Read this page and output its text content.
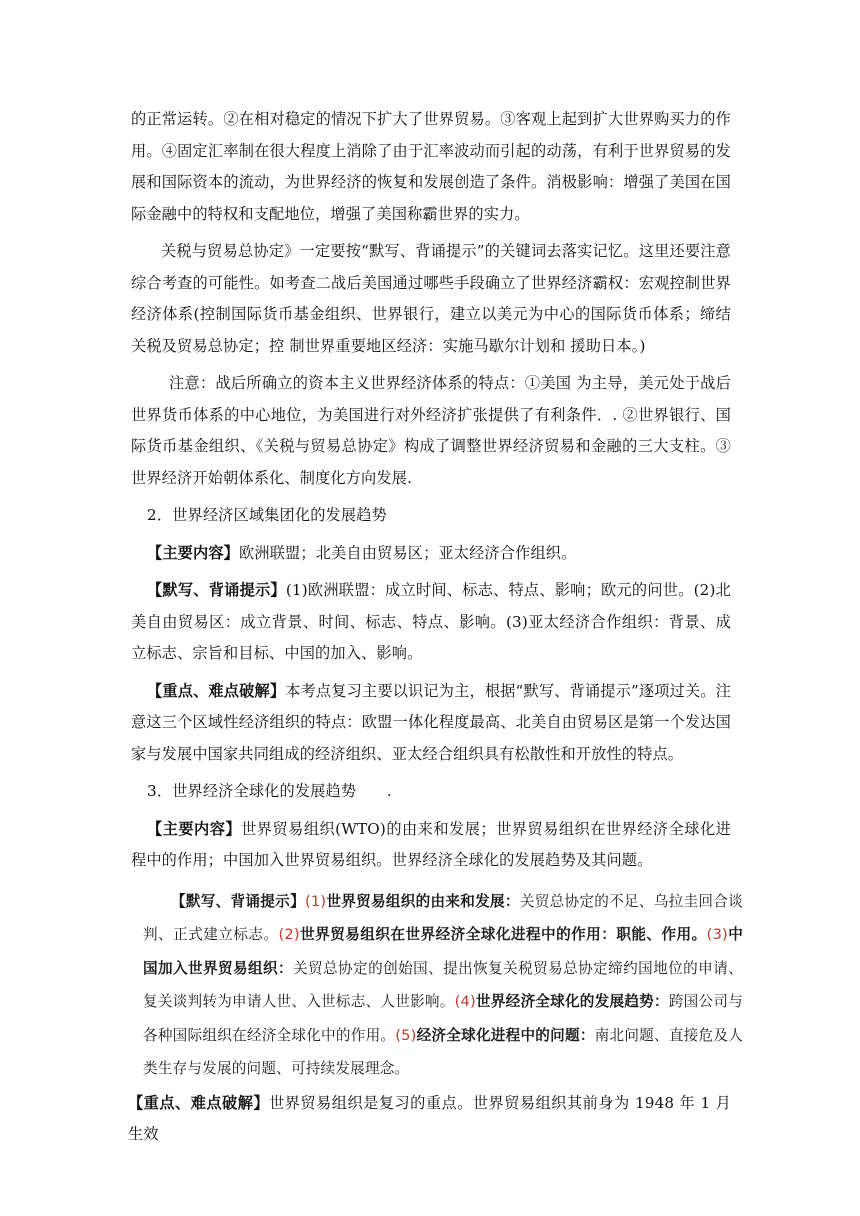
的正常运转。②在相对稳定的情况下扩大了世界贸易。③客观上起到扩大世界购买力的作用。④固定汇率制在很大程度上消除了由于汇率波动而引起的动荡，有利于世界贸易的发展和国际资本的流动，为世界经济的恢复和发展创造了条件。消极影响：增强了美国在国际金融中的特权和支配地位，增强了美国称霸世界的实力。

关税与贸易总协定》一定要按“默写、背诵提示”的关键词去落实记忆。这里还要注意综合考查的可能性。如考查二战后美国通过哪些手段确立了世界经济霸权：宏观控制世界经济体系(控制国际货币基金组织、世界银行，建立以美元为中心的国际货币体系；缔结关税及贸易总协定；控 制世界重要地区经济：实施马歇尔计划和 援助日本。)

注意：战后所确立的资本主义世界经济体系的特点：①美国 为主导，美元处于战后世界货币体系的中心地位，为美国进行对外经济扩张提供了有利条件．. ②世界银行、国际货币基金组织、《关税与贸易总协定》构成了调整世界经济贸易和金融的三大支柱。③世界经济开始朝体系化、制度化方向发展.

2．世界经济区域集团化的发展趋势

【主要内容】欧洲联盟；北美自由贸易区；亚太经济合作组织。

【默写、背诵提示】(1)欧洲联盟：成立时间、标志、特点、影响；欧元的问世。(2)北美自由贸易区：成立背景、时间、标志、特点、影响。(3)亚太经济合作组织：背景、成立标志、宗旨和目标、中国的加入、影响。

【重点、难点破解】本考点复习主要以识记为主，根据“默写、背诵提示”逐项过关。注意这三个区域性经济组织的特点：欧盟一体化程度最高、北美自由贸易区是第一个发达国家与发展中国家共同组成的经济组织、亚太经合组织具有松散性和开放性的特点。

3．世界经济全球化的发展趋势　　.

【主要内容】世界贸易组织(WTO)的由来和发展；世界贸易组织在世界经济全球化进程中的作用；中国加入世界贸易组织。世界经济全球化的发展趋势及其问题。

【默写、背诵提示】(1)世界贸易组织的由来和发展：关贸总协定的不足、乌拉圭回合谈判、正式建立标志。(2)世界贸易组织在世界经济全球化进程中的作用：职能、作用。(3)中国加入世界贸易组织：关贸总协定的创始国、提出恢复关税贸易总协定缔约国地位的申请、复关谈判转为申请人世、入世标志、人世影响。(4)世界经济全球化的发展趋势：跨国公司与各种国际组织在经济全球化中的作用。(5)经济全球化进程中的问题：南北问题、直接危及人类生存与发展的问题、可持续发展理念。

【重点、难点破解】世界贸易组织是复习的重点。世界贸易组织其前身为 1948 年 1 月生效
